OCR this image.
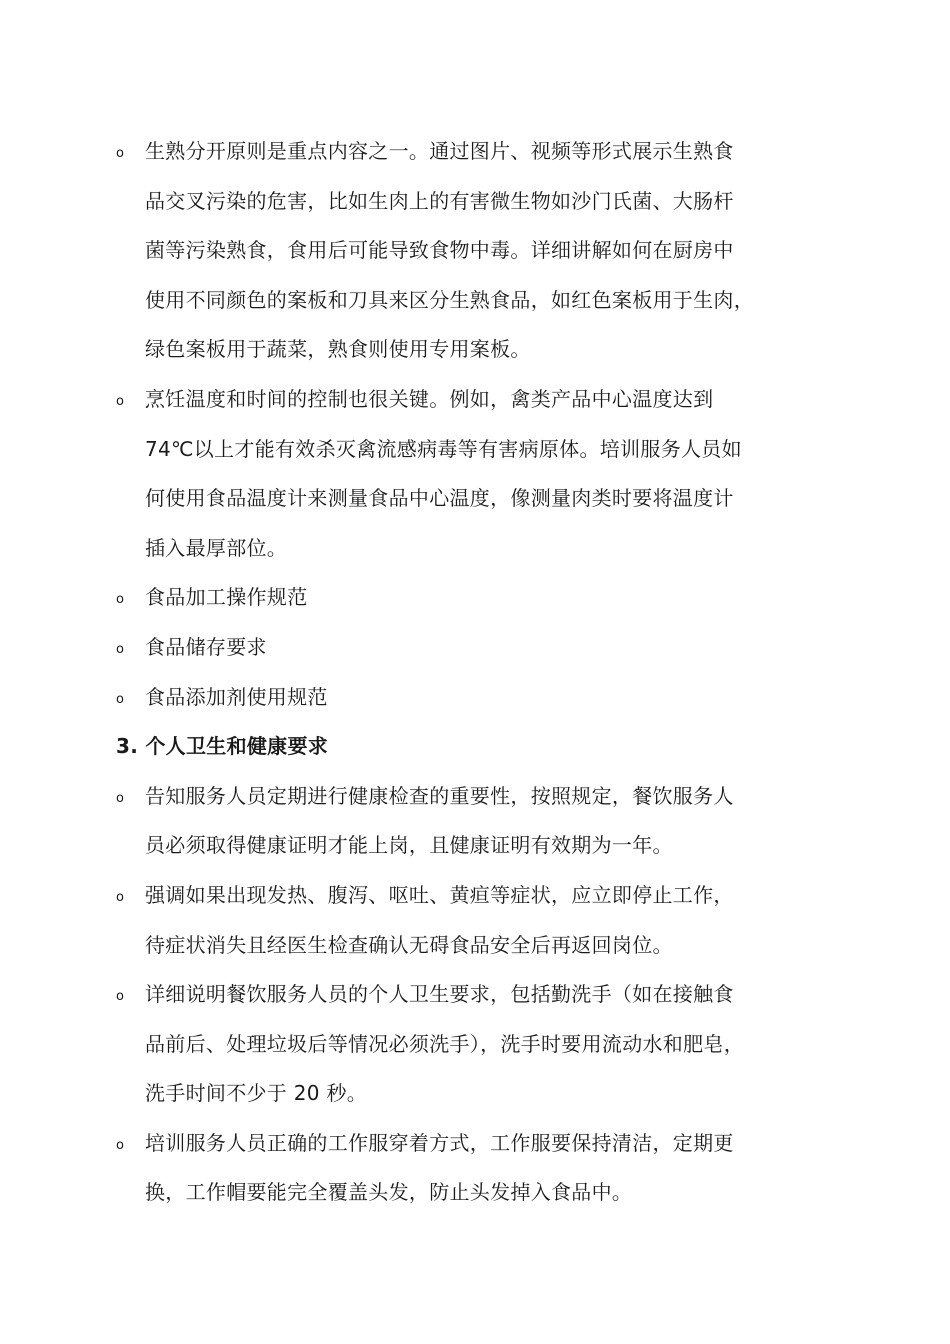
o 生熟分开原则是重点内容之一。通过图片、视频等形式展示生熟食
品交叉污染的危害，比如生肉上的有害微生物如沙门氏菌、大肠杆
菌等污染熟食，食用后可能导致食物中毒。详细讲解如何在厨房中
使用不同颜色的案板和刀具来区分生熟食品，如红色案板用于生肉，
绿色案板用于蔬菜，熟食则使用专用案板。
o 烹饪温度和时间的控制也很关键。例如，禽类产品中心温度达到
74℃以上才能有效杀灭禽流感病毒等有害病原体。培训服务人员如
何使用食品温度计来测量食品中心温度，像测量肉类时要将温度计
插入最厚部位。
o 食品加工操作规范
o 食品储存要求
o 食品添加剂使用规范
3. 个人卫生和健康要求
o 告知服务人员定期进行健康检查的重要性，按照规定，餐饮服务人
员必须取得健康证明才能上岗，且健康证明有效期为一年。
o 强调如果出现发热、腹泻、呕吐、黄疸等症状，应立即停止工作，
待症状消失且经医生检查确认无碍食品安全后再返回岗位。
o 详细说明餐饮服务人员的个人卫生要求，包括勤洗手（如在接触食
品前后、处理垃圾后等情况必须洗手），洗手时要用流动水和肥皂，
洗手时间不少于 20 秒。
o 培训服务人员正确的工作服穿着方式，工作服要保持清洁，定期更
换，工作帽要能完全覆盖头发，防止头发掉入食品中。
